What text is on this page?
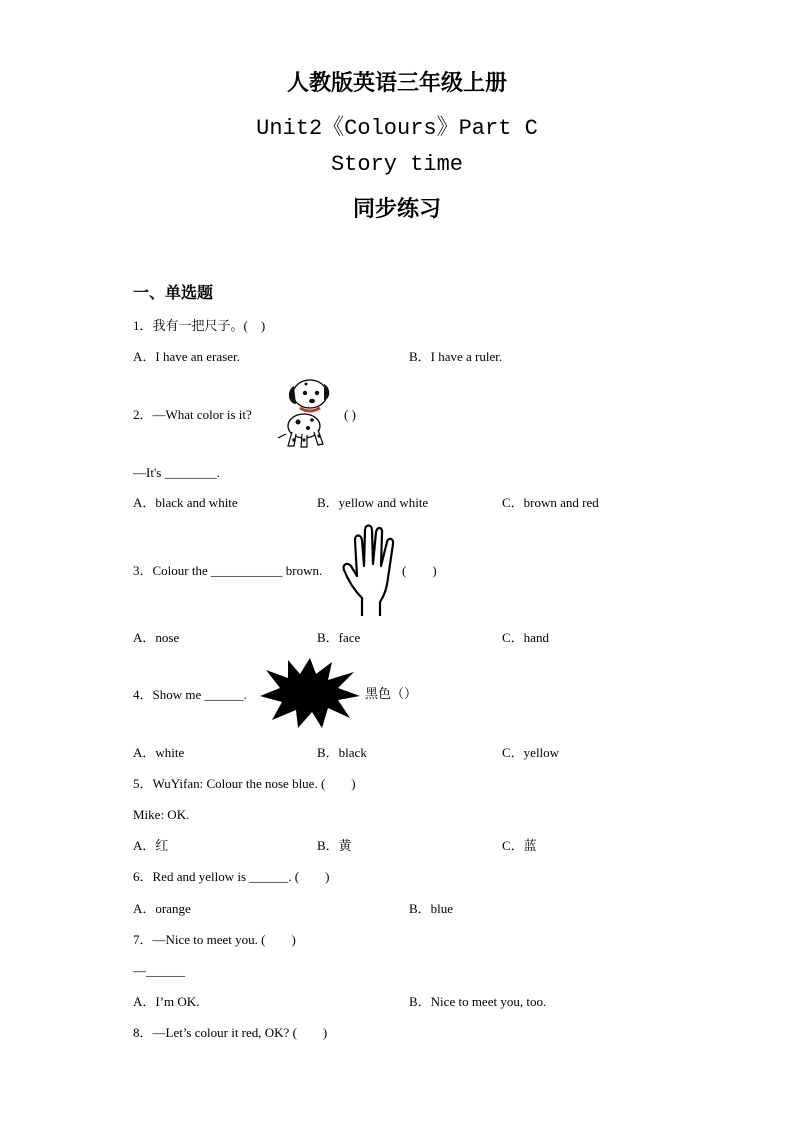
人教版英语三年级上册
Unit2《Colours》Part C
Story time
同步练习
一、单选题
1．我有一把尺子。(　)
A．I have an eraser.	B．I have a ruler.
2．—What color is it?	( )
—It's ________.
A．black and white	B．yellow and white	C．brown and red
3．Colour the ___________ brown.	(　　)
A．nose	B．face	C．hand
4．Show me ______.	黑色（）
A．white	B．black	C．yellow
5．WuYifan: Colour the nose blue. (　　)
Mike: OK.
A．红	B．黄	C．蓝
6．Red and yellow is ______. (　　)
A．orange	B．blue
7．—Nice to meet you. (　　)
—______
A．I’m OK.	B．Nice to meet you, too.
8．—Let’s colour it red, OK? (　　)
